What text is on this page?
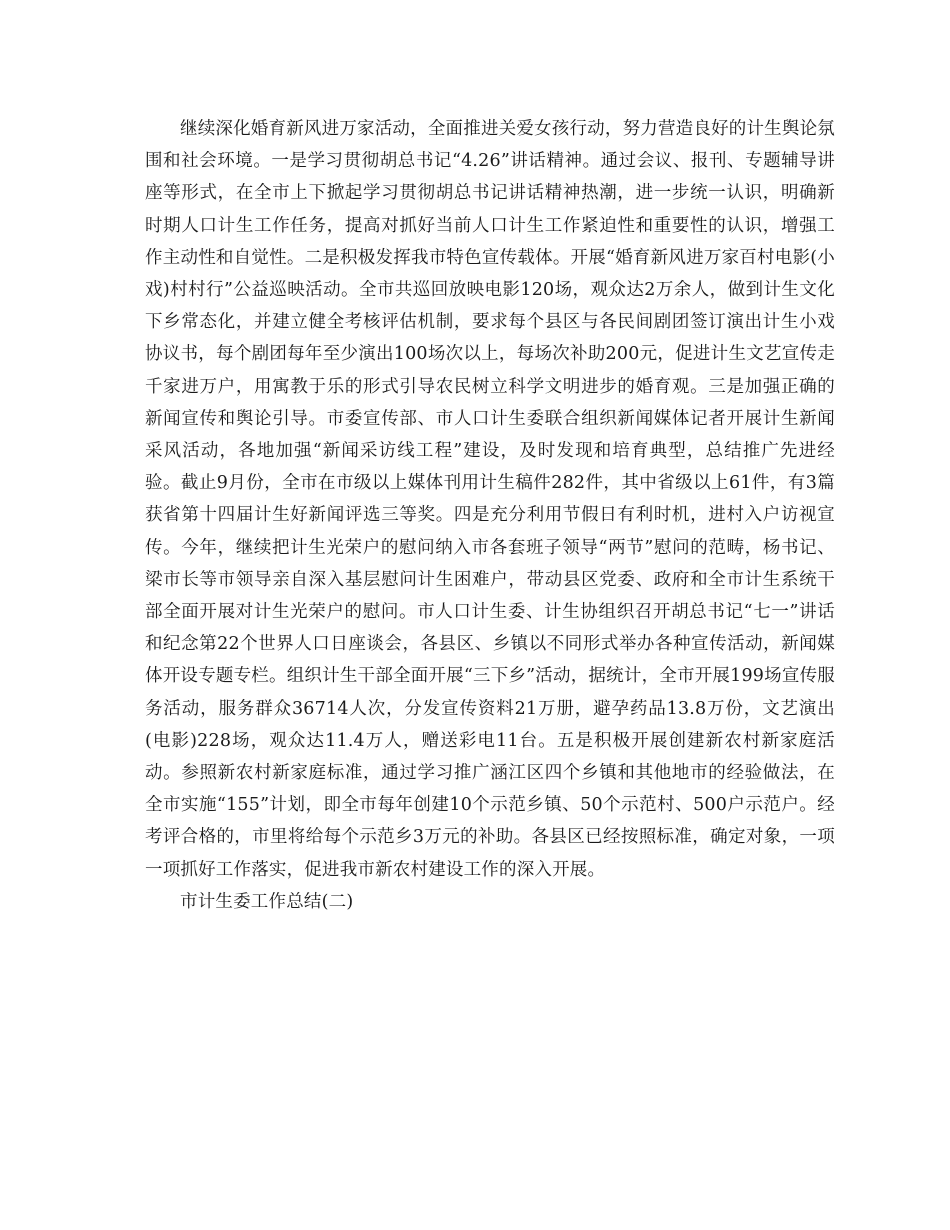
继续深化婚育新风进万家活动，全面推进关爱女孩行动，努力营造良好的计生舆论氛围和社会环境。一是学习贯彻胡总书记“4.26”讲话精神。通过会议、报刊、专题辅导讲座等形式，在全市上下掀起学习贯彻胡总书记讲话精神热潮，进一步统一认识，明确新时期人口计生工作任务，提高对抓好当前人口计生工作紧迫性和重要性的认识，增强工作主动性和自觉性。二是积极发挥我市特色宣传载体。开展“婚育新风进万家百村电影(小戏)村村行”公益巡映活动。全市共巡回放映电影120场，观众达2万余人，做到计生文化下乡常态化，并建立健全考核评估机制，要求每个县区与各民间剧团签订演出计生小戏协议书，每个剧团每年至少演出100场次以上，每场次补助200元，促进计生文艺宣传走千家进万户，用寓教于乐的形式引导农民树立科学文明进步的婚育观。三是加强正确的新闻宣传和舆论引导。市委宣传部、市人口计生委联合组织新闻媒体记者开展计生新闻采风活动，各地加强“新闻采访线工程”建设，及时发现和培育典型，总结推广先进经验。截止9月份，全市在市级以上媒体刊用计生稿件282件，其中省级以上61件，有3篇获省第十四届计生好新闻评选三等奖。四是充分利用节假日有利时机，进村入户访视宣传。今年，继续把计生光荣户的慰问纳入市各套班子领导“两节”慰问的范畴，杨书记、梁市长等市领导亲自深入基层慰问计生困难户，带动县区党委、政府和全市计生系统干部全面开展对计生光荣户的慰问。市人口计生委、计生协组织召开胡总书记“七一”讲话和纪念第22个世界人口日座谈会，各县区、乡镇以不同形式举办各种宣传活动，新闻媒体开设专题专栏。组织计生干部全面开展“三下乡”活动，据统计，全市开展199场宣传服务活动，服务群众36714人次，分发宣传资料21万册，避孕药品13.8万份，文艺演出(电影)228场，观众达11.4万人，赠送彩电11台。五是积极开展创建新农村新家庭活动。参照新农村新家庭标准，通过学习推广涵江区四个乡镇和其他地市的经验做法，在全市实施“155”计划，即全市每年创建10个示范乡镇、50个示范村、500户示范户。经考评合格的，市里将给每个示范乡3万元的补助。各县区已经按照标准，确定对象，一项一项抓好工作落实，促进我市新农村建设工作的深入开展。

市计生委工作总结(二)
